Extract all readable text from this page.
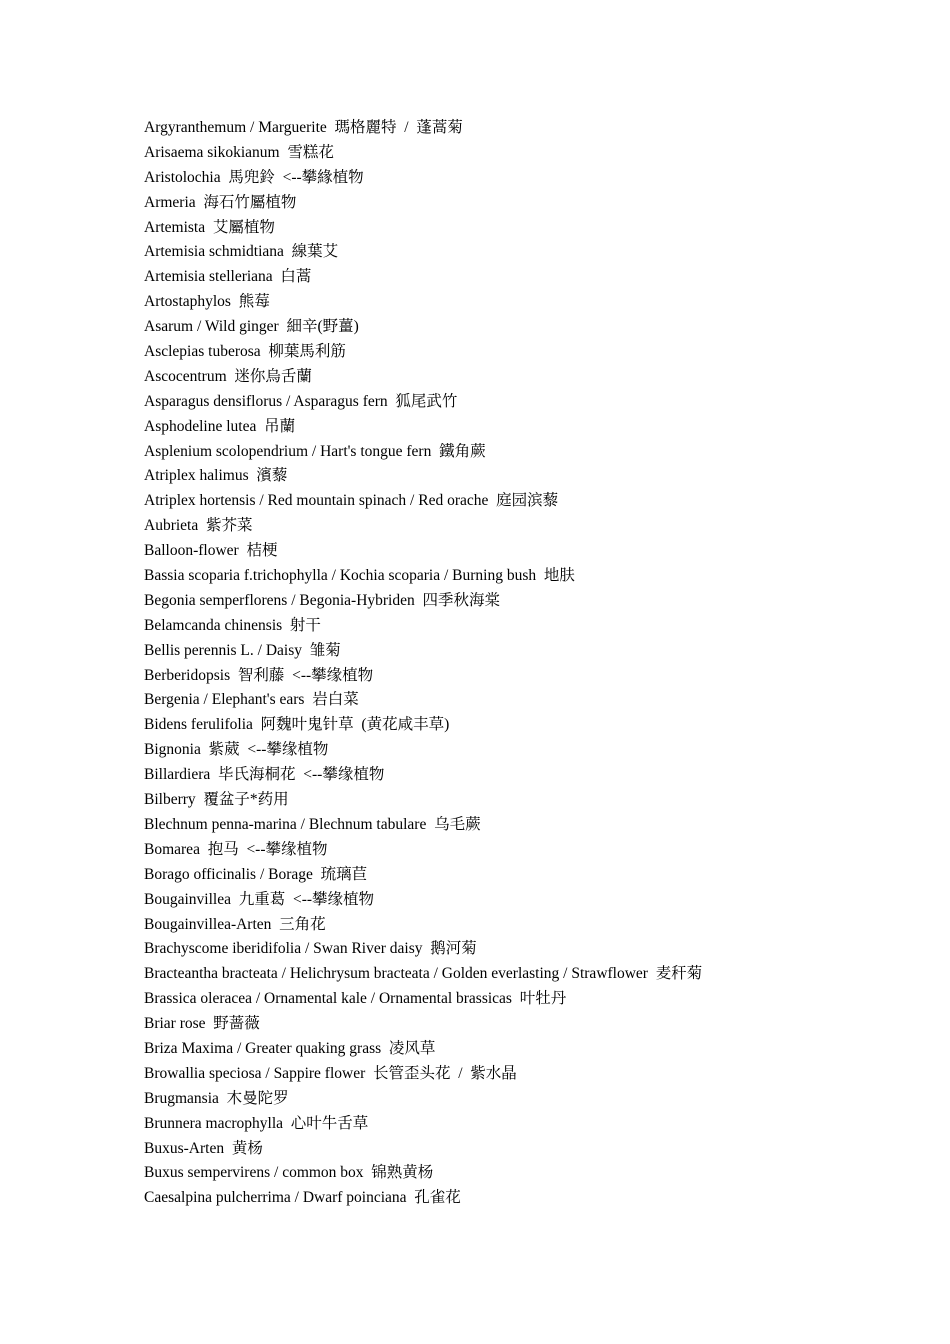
Argyranthemum / Marguerite  瑪格麗特  /  蓬蒿菊
Arisaema sikokianum  雪糕花
Aristolochia  馬兜鈴  <--攀緣植物
Armeria  海石竹屬植物
Artemista  艾屬植物
Artemisia schmidtiana  線葉艾
Artemisia stelleriana  白蒿
Artostaphylos  熊莓
Asarum / Wild ginger  細辛(野薑)
Asclepias tuberosa  柳葉馬利筋
Ascocentrum  迷你烏舌蘭
Asparagus densiflorus / Asparagus fern  狐尾武竹
Asphodeline lutea  吊蘭
Asplenium scolopendrium / Hart's tongue fern  鐵角蕨
Atriplex halimus  濱藜
Atriplex hortensis / Red mountain spinach / Red orache  庭园滨藜
Aubrieta  紫芥菜
Balloon-flower  桔梗
Bassia scoparia f.trichophylla / Kochia scoparia / Burning bush  地肤
Begonia semperflorens / Begonia-Hybriden  四季秋海棠
Belamcanda chinensis  射干
Bellis perennis L. / Daisy  雏菊
Berberidopsis  智利藤  <--攀缘植物
Bergenia / Elephant's ears  岩白菜
Bidens ferulifolia  阿魏叶鬼针草  (黄花咸丰草)
Bignonia  紫葳  <--攀缘植物
Billardiera  毕氏海桐花  <--攀缘植物
Bilberry  覆盆子*药用
Blechnum penna-marina / Blechnum tabulare  乌毛蕨
Bomarea  抱马  <--攀缘植物
Borago officinalis / Borage  琉璃苣
Bougainvillea  九重葛  <--攀缘植物
Bougainvillea-Arten  三角花
Brachyscome iberidifolia / Swan River daisy  鹅河菊
Bracteantha bracteata / Helichrysum bracteata / Golden everlasting / Strawflower  麦秆菊
Brassica oleracea / Ornamental kale / Ornamental brassicas  叶牡丹
Briar rose  野蔷薇
Briza Maxima / Greater quaking grass  凌风草
Browallia speciosa / Sappire flower  长管歪头花  /  紫水晶
Brugmansia  木曼陀罗
Brunnera macrophylla  心叶牛舌草
Buxus-Arten  黄杨
Buxus sempervirens / common box  锦熟黄杨
Caesalpina pulcherrima / Dwarf poinciana  孔雀花
